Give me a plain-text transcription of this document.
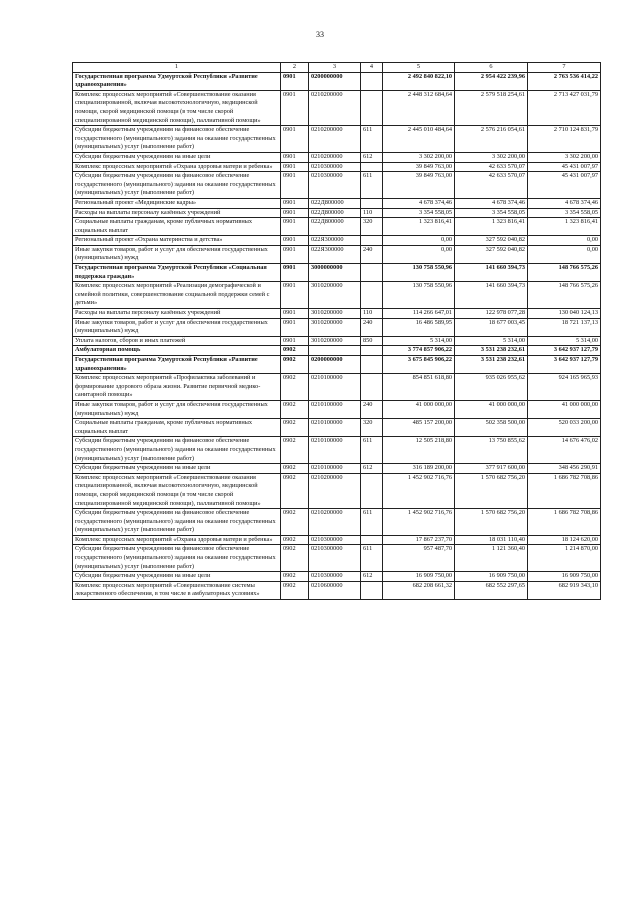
33
1	2	3	4	5	6	7
Государственная программа Удмуртской Республики «Развитие здравоохранения»	0901	0200000000		2 492 840 822,10	2 954 422 239,96	2 763 536 414,22
Комплекс процессных мероприятий «Совершенствование оказания специализированной, включая высокотехнологичную, медицинской помощи, скорой медицинской помощи (в том числе скорой специализированной медицинской помощи), паллиативной помощи»	0901	0210200000		2 448 312 684,64	2 579 518 254,61	2 713 427 031,79
Субсидии бюджетным учреждениям на финансовое обеспечение государственного (муниципального) задания на оказание государственных (муниципальных) услуг (выполнение работ)	0901	0210200000	611	2 445 010 484,64	2 576 216 054,61	2 710 124 831,79
Субсидии бюджетным учреждениям на иные цели	0901	0210200000	612	3 302 200,00	3 302 200,00	3 302 200,00
Комплекс процессных мероприятий «Охрана здоровья матери и ребенка»	0901	0210300000		39 849 763,00	42 633 570,07	45 431 007,97
Субсидии бюджетным учреждениям на финансовое обеспечение государственного (муниципального) задания на оказание государственных (муниципальных) услуг (выполнение работ)	0901	0210300000	611	39 849 763,00	42 633 570,07	45 431 007,97
Региональный проект «Медицинские кадры»	0901	022Д800000		4 678 374,46	4 678 374,46	4 678 374,46
Расходы на выплаты персоналу казённых учреждений	0901	022Д800000	110	3 354 558,05	3 354 558,05	3 354 558,05
Социальные выплаты гражданам, кроме публичных нормативных социальных выплат	0901	022Д800000	320	1 323 816,41	1 323 816,41	1 323 816,41
Региональный проект «Охрана материнства и детства»	0901	022Я300000		0,00	327 592 040,82	0,00
Иные закупки товаров, работ и услуг для обеспечения государственных (муниципальных) нужд	0901	022Я300000	240	0,00	327 592 040,82	0,00
Государственная программа Удмуртской Республики «Социальная поддержка граждан»	0901	3000000000		130 758 550,96	141 660 394,73	148 766 575,26
Комплекс процессных мероприятий «Реализация демографической и семейной политики, совершенствование социальной поддержки семей с детьми»	0901	3010200000		130 758 550,96	141 660 394,73	148 766 575,26
Расходы на выплаты персоналу казённых учреждений	0901	3010200000	110	114 266 647,01	122 978 077,28	130 040 124,13
Иные закупки товаров, работ и услуг для обеспечения государственных (муниципальных) нужд	0901	3010200000	240	16 486 589,95	18 677 003,45	18 721 137,13
Уплата налогов, сборов и иных платежей	0901	3010200000	850	5 314,00	5 314,00	5 314,00
Амбулаторная помощь	0902			3 774 857 906,22	3 531 238 232,61	3 642 937 127,79
Государственная программа Удмуртской Республики «Развитие здравоохранения»	0902	0200000000		3 675 845 906,22	3 531 238 232,61	3 642 937 127,79
Комплекс процессных мероприятий «Профилактика заболеваний и формирование здорового образа жизни. Развитие первичной медико-санитарной помощи»	0902	0210100000		854 851 618,80	935 026 955,62	924 165 965,93
Иные закупки товаров, работ и услуг для обеспечения государственных (муниципальных) нужд	0902	0210100000	240	41 000 000,00	41 000 000,00	41 000 000,00
Социальные выплаты гражданам, кроме публичных нормативных социальных выплат	0902	0210100000	320	485 157 200,00	502 358 500,00	520 033 200,00
Субсидии бюджетным учреждениям на финансовое обеспечение государственного (муниципального) задания на оказание государственных (муниципальных) услуг (выполнение работ)	0902	0210100000	611	12 505 218,80	13 750 855,62	14 676 476,02
Субсидии бюджетным учреждениям на иные цели	0902	0210100000	612	316 189 200,00	377 917 600,00	348 456 290,91
Комплекс процессных мероприятий «Совершенствование оказания специализированной, включая высокотехнологичную, медицинской помощи, скорой медицинской помощи (в том числе скорой специализированной медицинской помощи), паллиативной помощи»	0902	0210200000		1 452 902 716,76	1 570 682 756,20	1 686 782 708,86
Субсидии бюджетным учреждениям на финансовое обеспечение государственного (муниципального) задания на оказание государственных (муниципальных) услуг (выполнение работ)	0902	0210200000	611	1 452 902 716,76	1 570 682 756,20	1 686 782 708,86
Комплекс процессных мероприятий «Охрана здоровья матери и ребенка»	0902	0210300000		17 867 237,70	18 031 110,40	18 124 620,00
Субсидии бюджетным учреждениям на финансовое обеспечение государственного (муниципального) задания на оказание государственных (муниципальных) услуг (выполнение работ)	0902	0210300000	611	957 487,70	1 121 360,40	1 214 870,00
Субсидии бюджетным учреждениям на иные цели	0902	0210300000	612	16 909 750,00	16 909 750,00	16 909 750,00
Комплекс процессных мероприятий «Совершенствование системы лекарственного обеспечения, в том числе в амбулаторных условиях»	0902	0210600000		682 208 661,32	682 552 297,65	682 919 343,10
